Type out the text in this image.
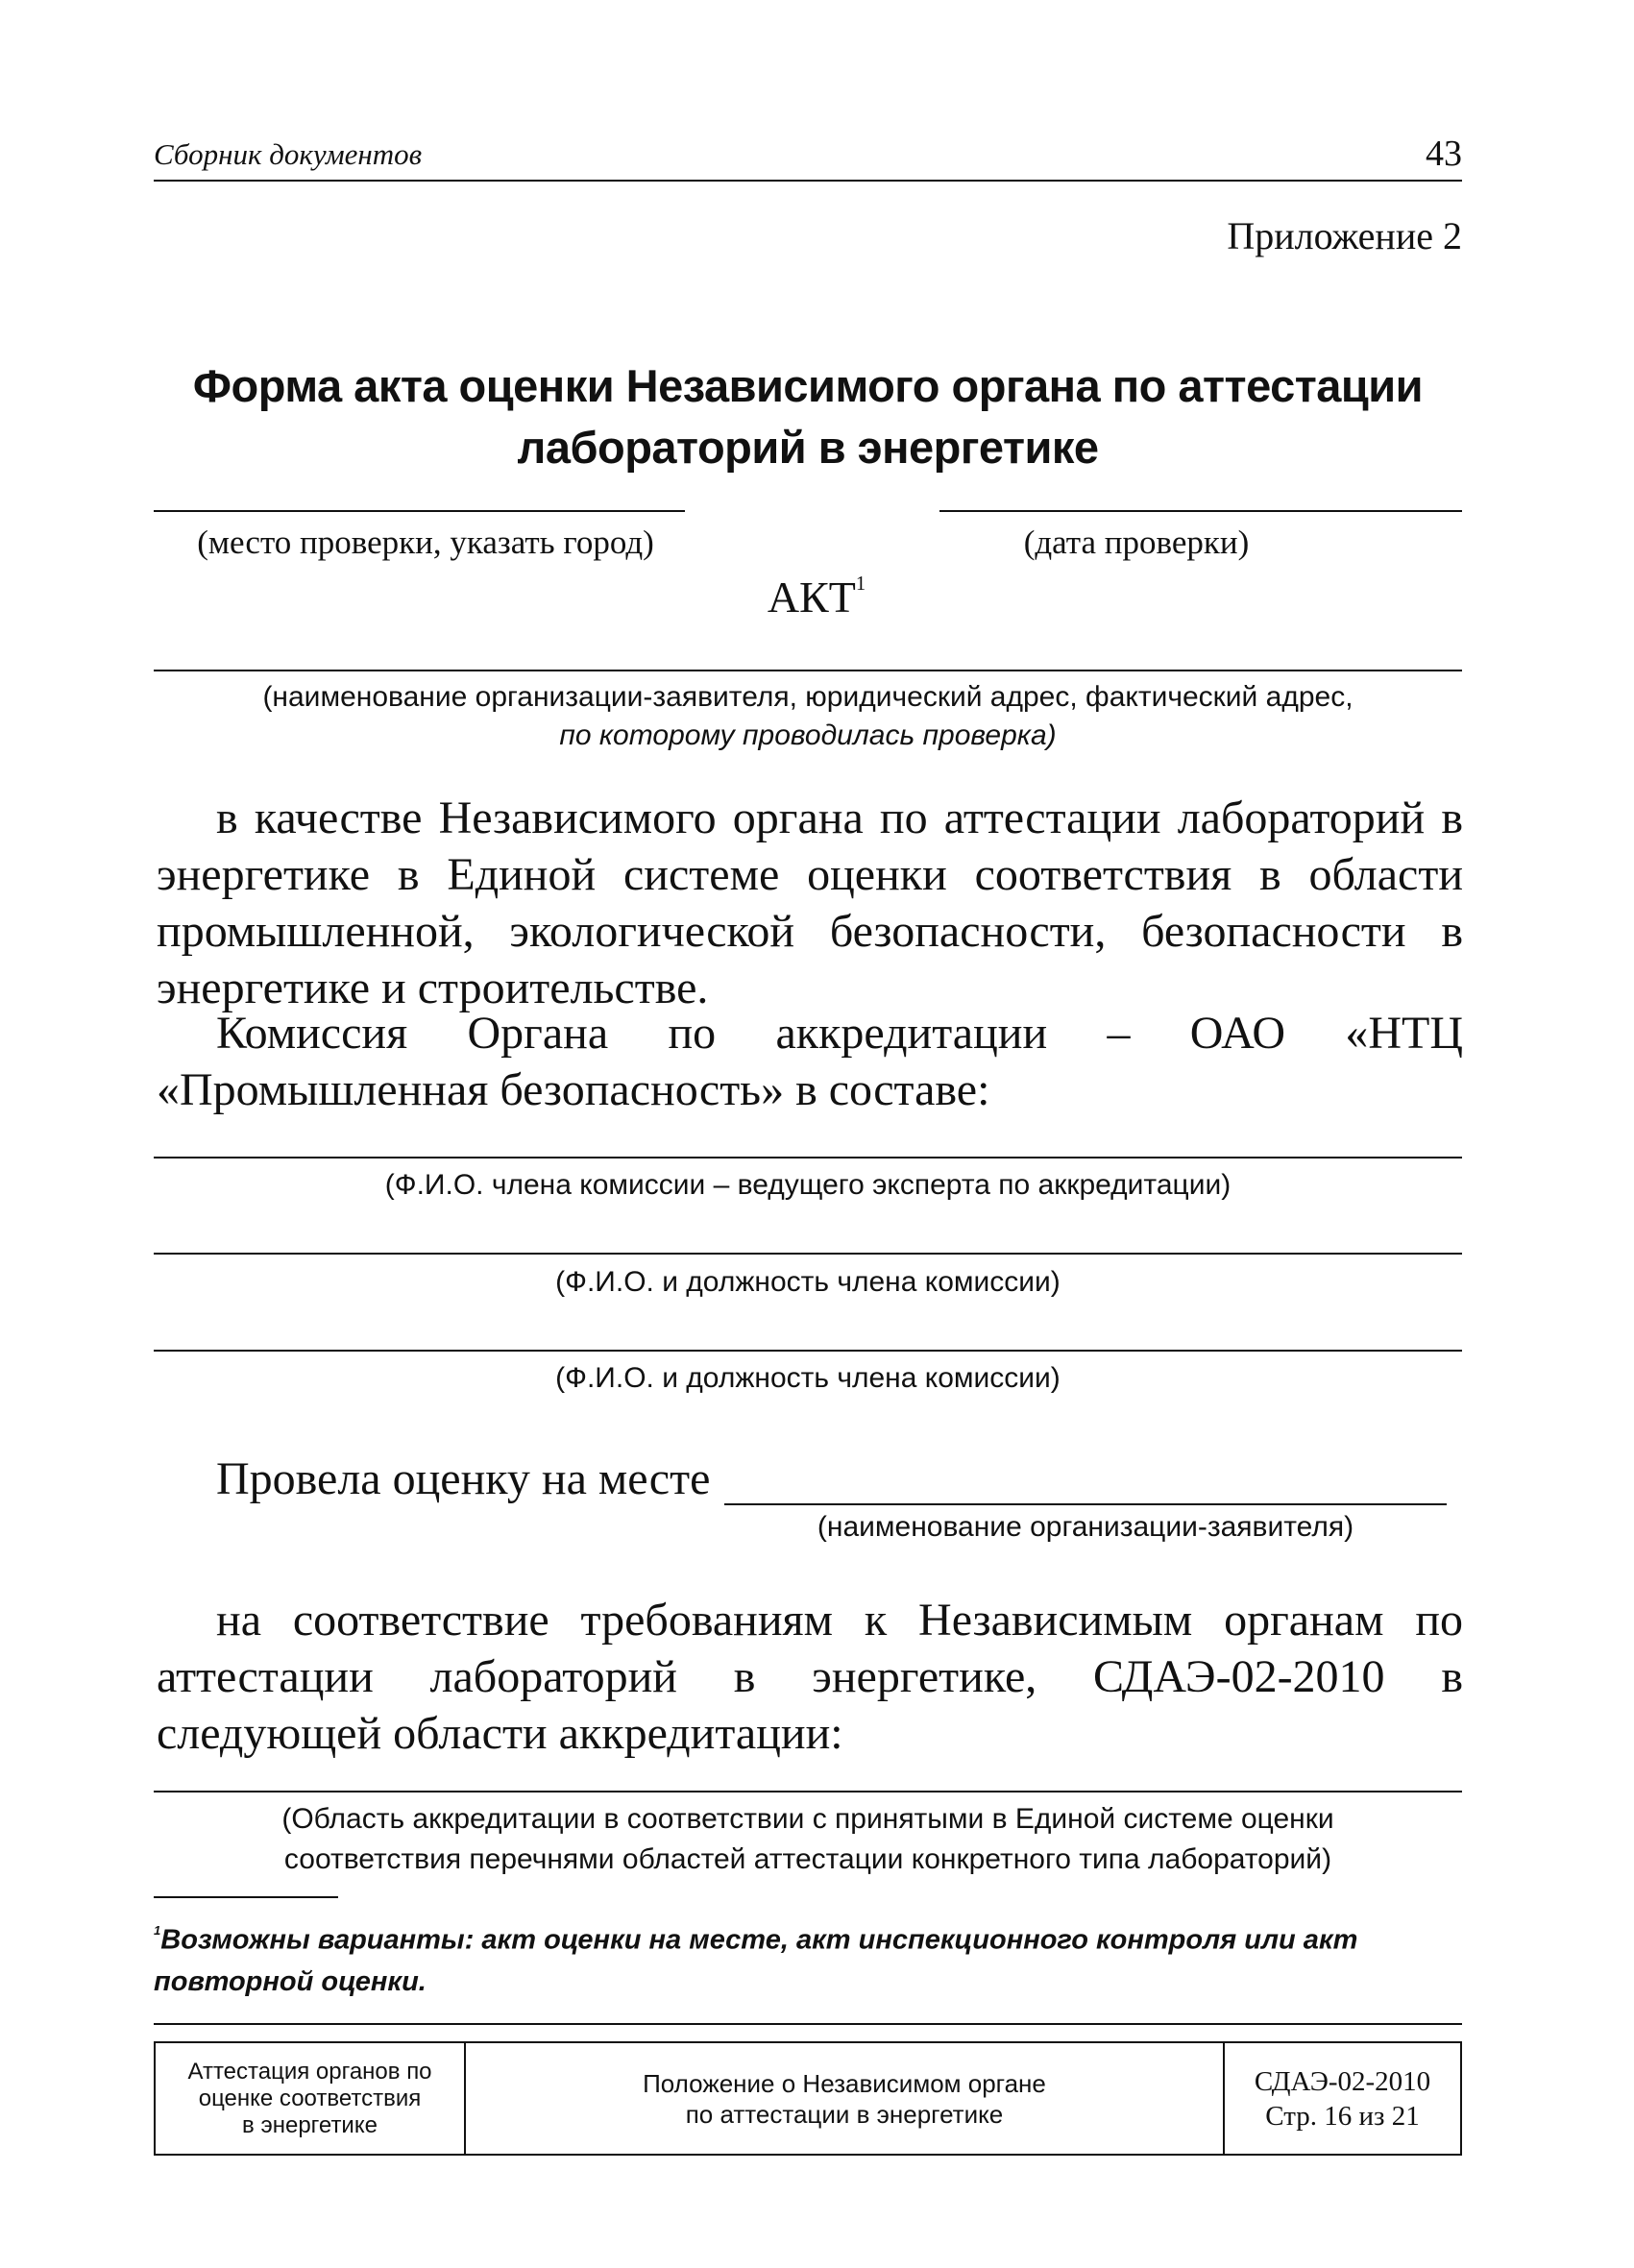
Сборник документов	43
Приложение 2
Форма акта оценки Независимого органа по аттестации
лабораторий в энергетике
(место проверки, указать город)	(дата проверки)
АКТ$^1$
(наименование организации-заявителя, юридический адрес, фактический адрес,
по которому проводилась проверка)
в качестве Независимого органа по аттестации лабораторий в энергетике в Единой системе оценки соответствия в области промышленной, экологической безопасности, безопасности в энергетике и строительстве.
Комиссия Органа по аккредитации – ОАО «НТЦ «Промышленная безопасность» в составе:
(Ф.И.О. члена комиссии – ведущего эксперта по аккредитации)
(Ф.И.О. и должность члена комиссии)
(Ф.И.О. и должность члена комиссии)
Провела оценку на месте
(наименование организации-заявителя)
на соответствие требованиям к Независимым органам по аттестации лабораторий в энергетике, СДАЭ-02-2010 в следующей области аккредитации:
(Область аккредитации в соответствии с принятыми в Единой системе оценки
соответствия перечнями областей аттестации конкретного типа лабораторий)
$^1$Возможны варианты: акт оценки на месте, акт инспекционного контроля или акт
повторной оценки.
Аттестация органов по
оценке соответствия
в энергетике
Положение о Независимом органе
по аттестации в энергетике
СДАЭ-02-2010
Стр. 16 из 21
